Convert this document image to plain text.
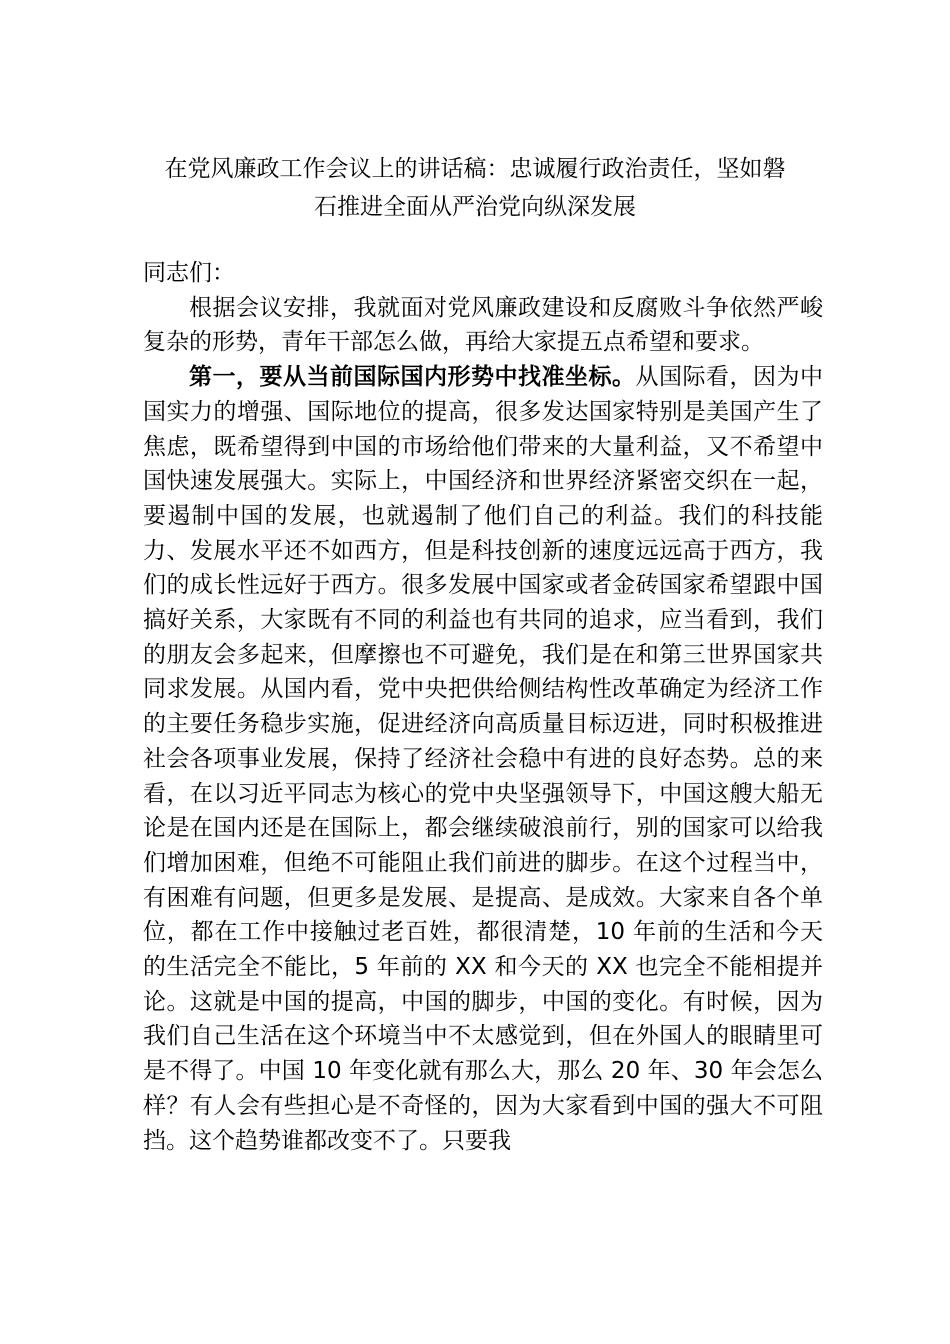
在党风廉政工作会议上的讲话稿：忠诚履行政治责任，坚如磐
石推进全面从严治党向纵深发展

同志们：

根据会议安排，我就面对党风廉政建设和反腐败斗争依然严峻复杂的形势，青年干部怎么做，再给大家提五点希望和要求。

第一，要从当前国际国内形势中找准坐标。从国际看，因为中国实力的增强、国际地位的提高，很多发达国家特别是美国产生了焦虑，既希望得到中国的市场给他们带来的大量利益，又不希望中国快速发展强大。实际上，中国经济和世界经济紧密交织在一起，要遏制中国的发展，也就遏制了他们自己的利益。我们的科技能力、发展水平还不如西方，但是科技创新的速度远远高于西方，我们的成长性远好于西方。很多发展中国家或者金砖国家希望跟中国搞好关系，大家既有不同的利益也有共同的追求，应当看到，我们的朋友会多起来，但摩擦也不可避免，我们是在和第三世界国家共同求发展。从国内看，党中央把供给侧结构性改革确定为经济工作的主要任务稳步实施，促进经济向高质量目标迈进，同时积极推进社会各项事业发展，保持了经济社会稳中有进的良好态势。总的来看，在以习近平同志为核心的党中央坚强领导下，中国这艘大船无论是在国内还是在国际上，都会继续破浪前行，别的国家可以给我们增加困难，但绝不可能阻止我们前进的脚步。在这个过程当中，有困难有问题，但更多是发展、是提高、是成效。大家来自各个单位，都在工作中接触过老百姓，都很清楚，10 年前的生活和今天的生活完全不能比，5 年前的 XX 和今天的 XX 也完全不能相提并论。这就是中国的提高，中国的脚步，中国的变化。有时候，因为我们自己生活在这个环境当中不太感觉到，但在外国人的眼睛里可是不得了。中国 10 年变化就有那么大，那么 20 年、30 年会怎么样？有人会有些担心是不奇怪的，因为大家看到中国的强大不可阻挡。这个趋势谁都改变不了。只要我
